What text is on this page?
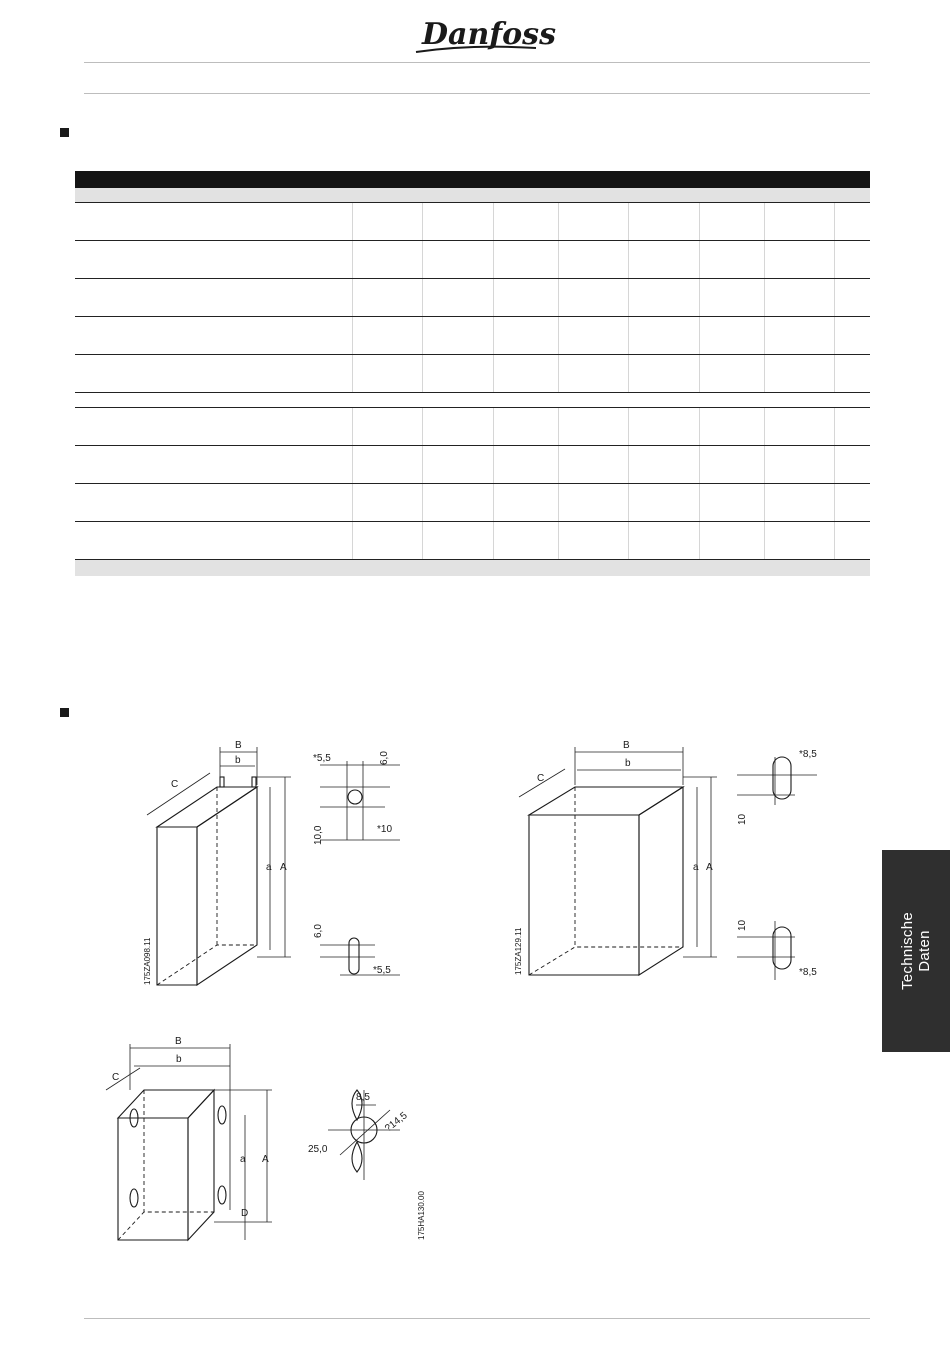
Danfoss

B
b
C
a A
175ZA098.11
*5,5	6,0
10,0	*10
6,0
*5,5
B
b
C
a A
175ZA129.11
*8,5
10
10
*8,5
B
b
C
a A
D
8,5
25,0
?14,5
175HA130.00
Technische Daten
